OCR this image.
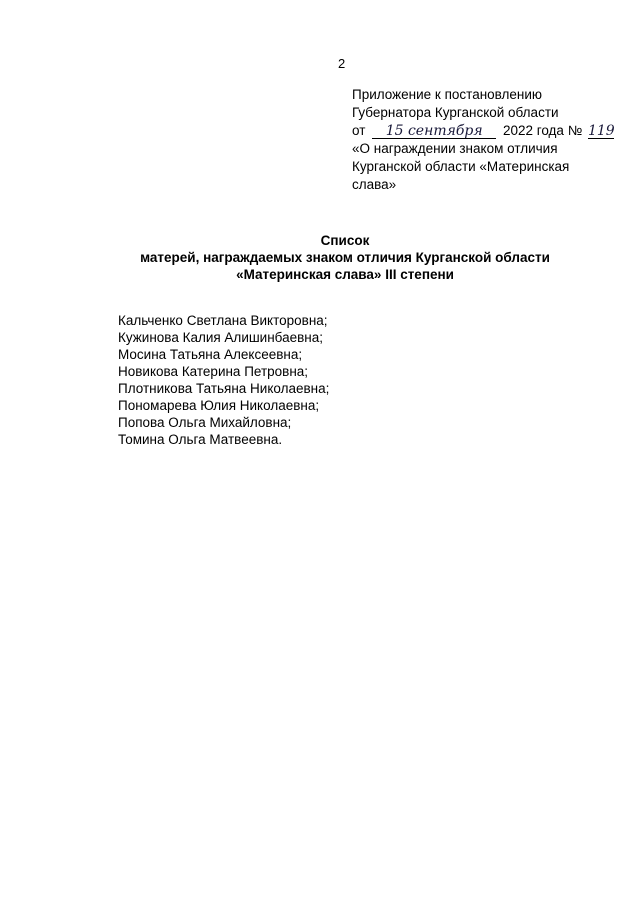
2
Приложение к постановлению
Губернатора Курганской области
от 15 сентября 2022 года № 119
«О награждении знаком отличия
Курганской области «Материнская
слава»
Список
матерей, награждаемых знаком отличия Курганской области
«Материнская слава» III степени
Кальченко Светлана Викторовна;
Кужинова Калия Алишинбаевна;
Мосина Татьяна Алексеевна;
Новикова Катерина Петровна;
Плотникова Татьяна Николаевна;
Пономарева Юлия Николаевна;
Попова Ольга Михайловна;
Томина Ольга Матвеевна.
